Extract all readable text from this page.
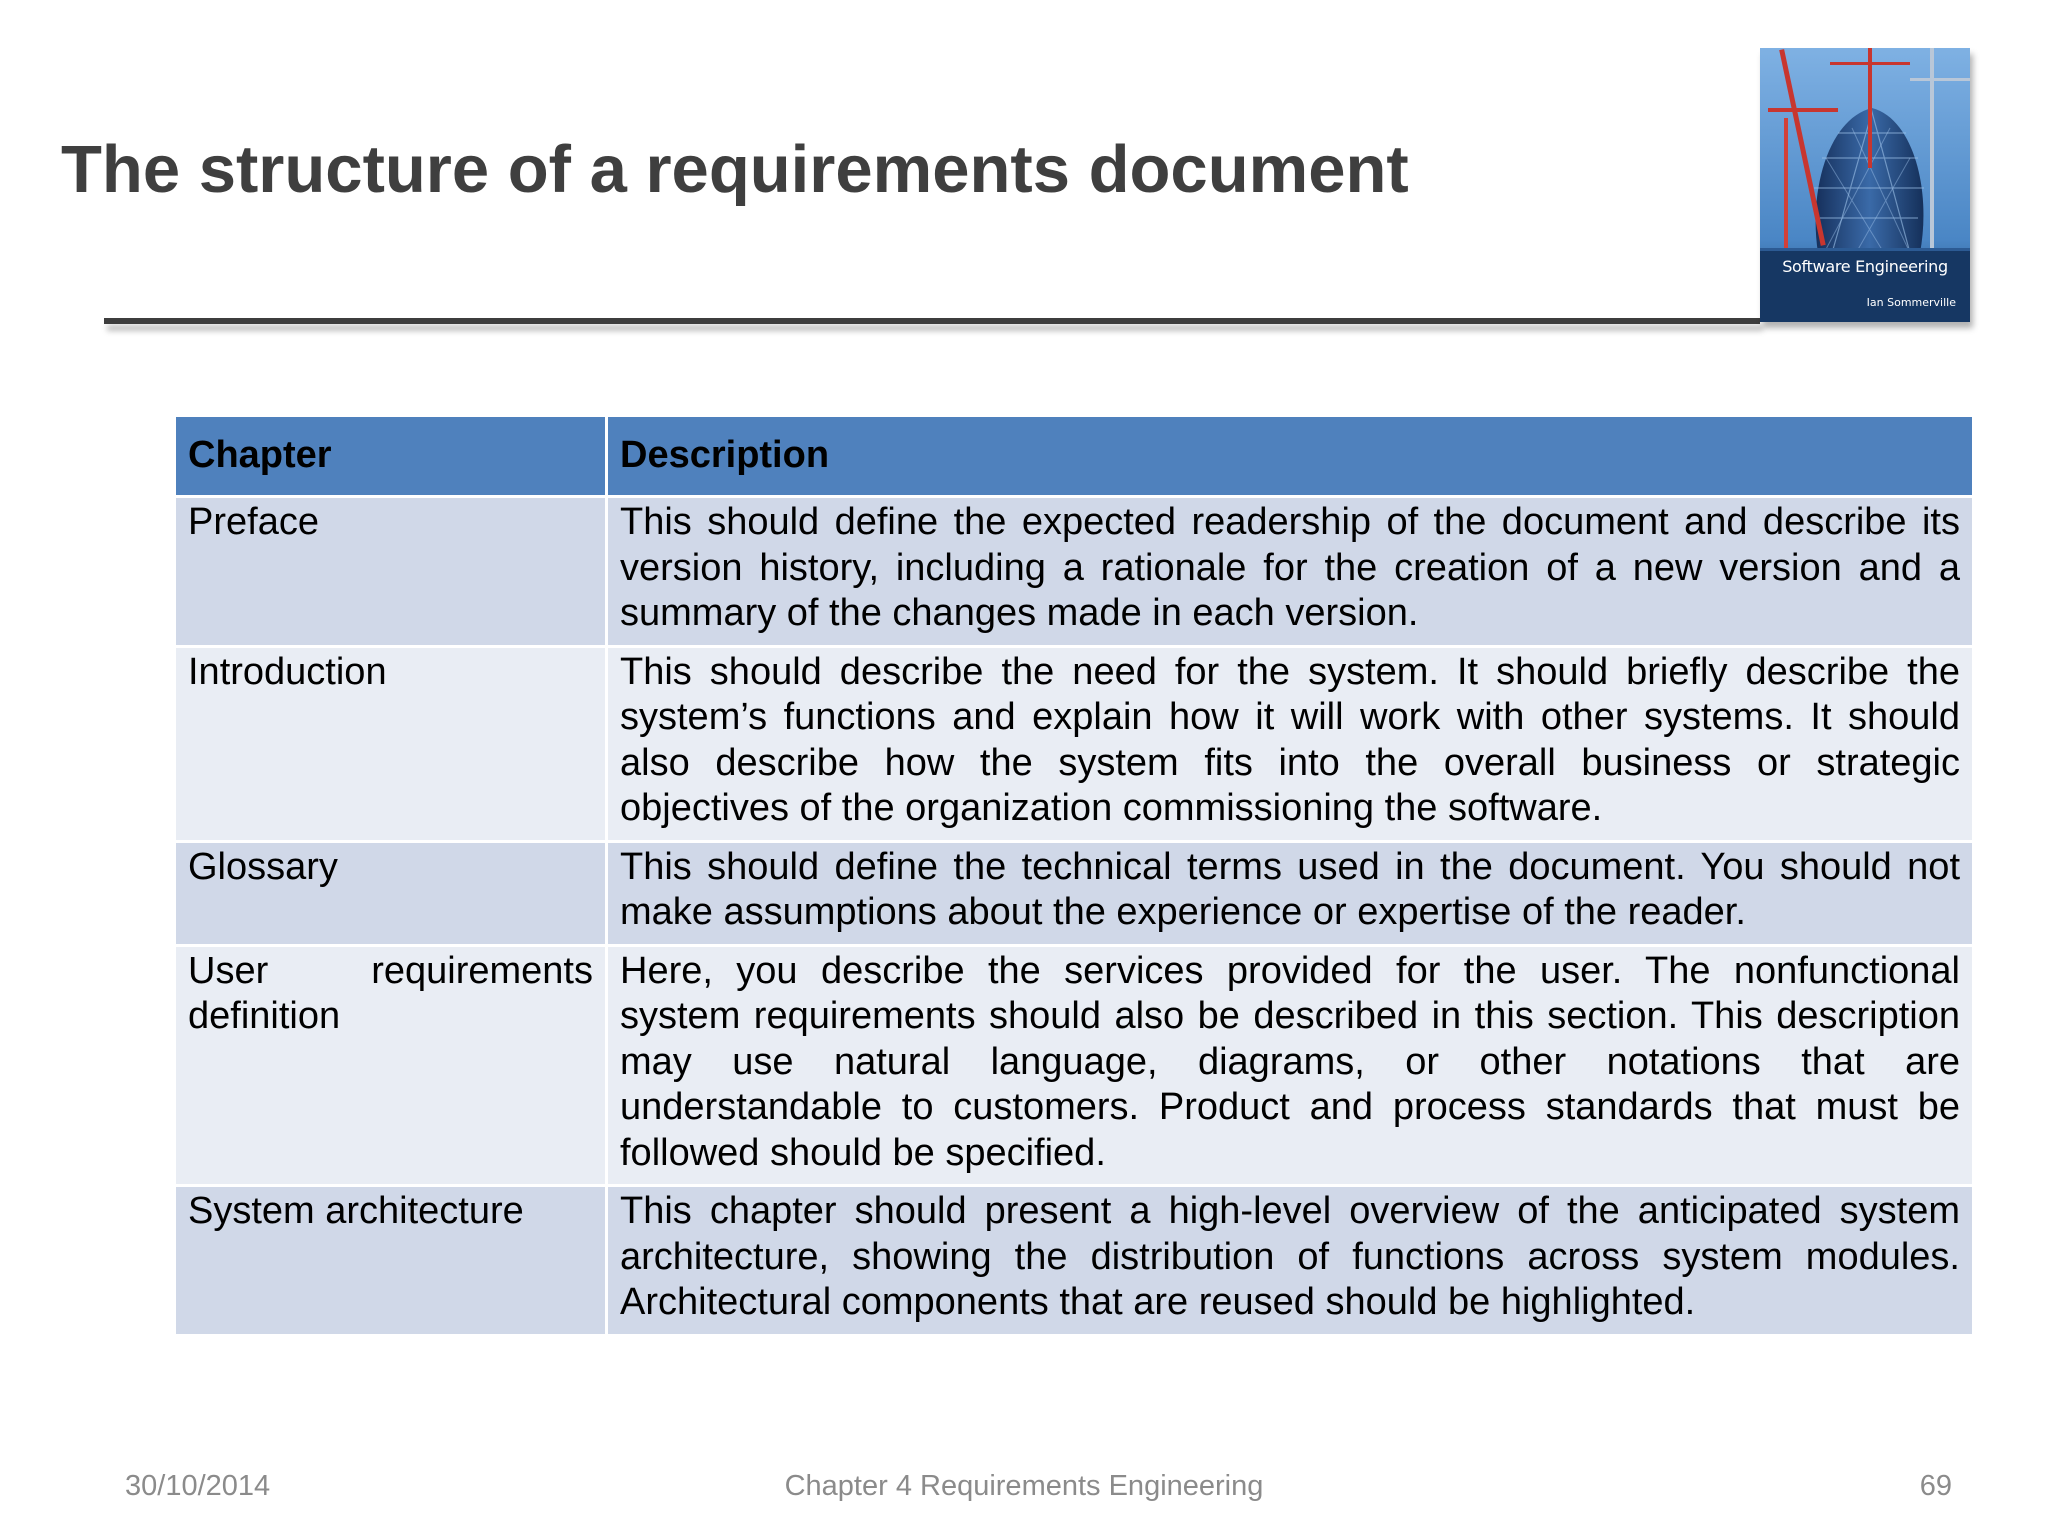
The structure of a requirements document
Software Engineering
Ian Sommerville
Chapter	Description
Preface	This should define the expected readership of the document and describe its version history, including a rationale for the creation of a new version and a summary of the changes made in each version.
Introduction	This should describe the need for the system. It should briefly describe the system’s functions and explain how it will work with other systems. It should also describe how the system fits into the overall business or strategic objectives of the organization commissioning the software.
Glossary	This should define the technical terms used in the document. You should not make assumptions about the experience or expertise of the reader.
User requirements definition	Here, you describe the services provided for the user. The nonfunctional system requirements should also be described in this section. This description may use natural language, diagrams, or other notations that are understandable to customers. Product and process standards that must be followed should be specified.
System architecture	This chapter should present a high-level overview of the anticipated system architecture, showing the distribution of functions across system modules. Architectural components that are reused should be highlighted.
30/10/2014	Chapter 4 Requirements Engineering	69
